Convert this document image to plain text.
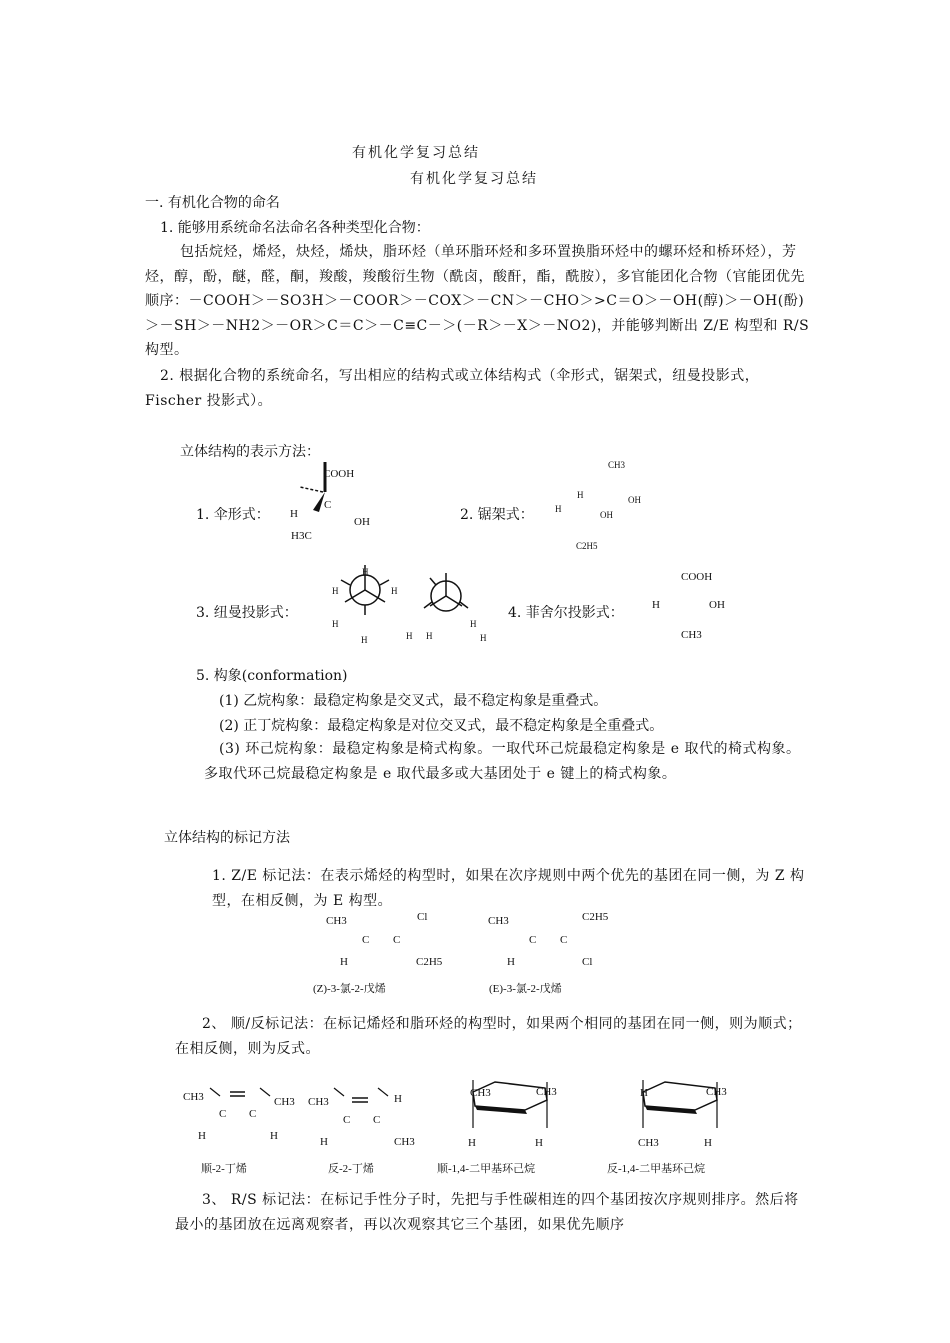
有机化学复习总结
有机化学复习总结
一. 有机化合物的命名
1. 能够用系统命名法命名各种类型化合物：
包括烷烃，烯烃，炔烃，烯炔，脂环烃（单环脂环烃和多环置换脂环烃中的螺环烃和桥环烃），芳烃，醇，酚，醚，醛，酮，羧酸，羧酸衍生物（酰卤，酸酐，酯，酰胺），多官能团化合物（官能团优先顺序：－COOH＞－SO3H＞－COOR＞－COX＞－CN＞－CHO＞>C＝O＞－OH(醇)＞－OH(酚)＞－SH＞－NH2＞－OR＞C＝C＞－C≡C－＞(－R＞－X＞－NO2)，并能够判断出 Z/E 构型和 R/S 构型。
2. 根据化合物的系统命名，写出相应的结构式或立体结构式（伞形式，锯架式，纽曼投影式，Fischer 投影式）。
立体结构的表示方法：
1. 伞形式：
COOH
C
H
OH
H3C
2. 锯架式：
CH3
H	OH
H
OH
C2H5
3. 纽曼投影式：
H
H	H
H
H
H
H H	H
4. 菲舍尔投影式：
COOH
H	OH
CH3
5. 构象(conformation)
(1) 乙烷构象：最稳定构象是交叉式，最不稳定构象是重叠式。
(2) 正丁烷构象：最稳定构象是对位交叉式，最不稳定构象是全重叠式。
(3) 环己烷构象：最稳定构象是椅式构象。一取代环己烷最稳定构象是 e 取代的椅式构象。多取代环己烷最稳定构象是 e 取代最多或大基团处于 e 键上的椅式构象。
立体结构的标记方法
1. Z/E 标记法：在表示烯烃的构型时，如果在次序规则中两个优先的基团在同一侧，为 Z 构型，在相反侧，为 E 构型。
CH3	Cl
C C
H	C2H5
(Z)-3-氯-2-戊烯
CH3	C2H5
C C
H	Cl
(E)-3-氯-2-戊烯
2、 顺/反标记法：在标记烯烃和脂环烃的构型时，如果两个相同的基团在同一侧，则为顺式；在相反侧，则为反式。
CH3
C C
CH3
H	H
CH3
C C
H
H	CH3
CH3	CH3
H	H
H	CH3
CH3	H
顺-2-丁烯	反-2-丁烯	顺-1,4-二甲基环己烷	反-1,4-二甲基环己烷
3、 R/S 标记法：在标记手性分子时，先把与手性碳相连的四个基团按次序规则排序。然后将最小的基团放在远离观察者，再以次观察其它三个基团，如果优先顺序
